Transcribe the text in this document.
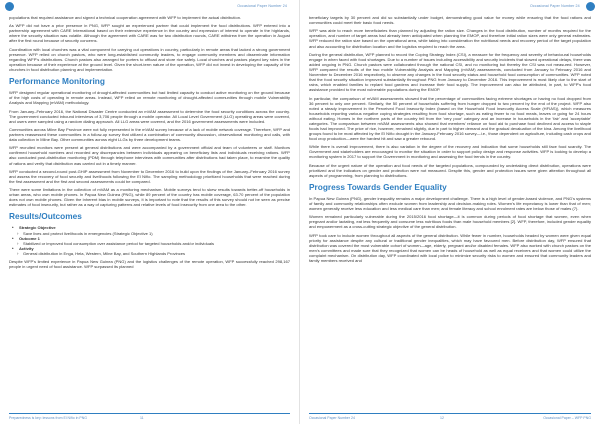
Occasional Paper Number 24

populations that required assistance and signed a technical cooperation agreement with WFP to implement the actual distribution.

As WFP did not have a prior presence in PNG, WFP sought an experienced partner that could implement the food distributions. WFP entered into a partnership agreement with CARE International based on their extensive experience in the country and expression of interest to operate in the highlands, where the security situation was volatile. Although the agreement with CARE was for two distribution rounds, CARE withdrew from the operation in August after the first round because of security concerns.

Coordination with local churches was a vital component for carrying out operations in country, particularly in remote areas that lacked a strong government presence. WFP relied on church pastors, who were long-established community leaders, to engage community members and disseminate information regarding WFP's distributions. Church pastors also arranged for porters to offload and store rice safely. Local churches and pastors played key roles in the operation because of their experience at the ground level. Given the short-term nature of the operation, WFP did not invest in developing the capacity of the churches in food distribution planning and implementation.

Performance Monitoring

WFP designed regular operational monitoring of drought-affected communities but had limited capacity to conduct active monitoring on the ground because of the high costs of operating in remote areas. Instead, WFP relied on remote monitoring of drought-affected communities through mobile Vulnerability Analysis and Mapping (mVAM) methodology.

From January–February 2016, the National Disaster Centre conducted an mVAM assessment to determine the food security conditions across the country. The government conducted inbound interviews of 3,706 people through a mobile operator. All Local Level Government (LLG) operating areas were covered, and users were sampled using a random dialing approach. All LLG areas were covered, and the 2016 government assessments were included.

Communities across Milne Bay Province were not fully represented in the mVAM survey because of a lack of mobile network coverage. Therefore, WFP and partners reassessed these communities in a follow-up survey that utilized a combination of community discussion, observational monitoring and calls, with data collection in Milne Bay. Other communities across eight LLGs by three development teams.

WFP recruited monitors were present at general distributions and were accompanied by a government official and team of volunteers or staff. Monitors confirmed household numbers and recorded any discrepancies between individuals appearing on beneficiary lists and individuals receiving rations. WFP also conducted post-distribution monitoring (PDM) through telephone interviews with communities after distributions had taken place, to examine the quality of rations and verify that distribution was carried out in a timely manner.

WFP conducted a second-round post-GHIP assessment from November to December 2016 to build upon the findings of the January–February 2016 survey and assess the recovery of food security and livelihoods following the El Niño. The sampling methodology prioritized households that were reached during the first assessment and the first and second assessments could be compared.

There were some limitations in the collection of mVAM as a monitoring mechanism. Mobile surveys tend to skew results towards better-off households in urban areas, who own mobile phones. In Papua New Guinea (PNG), while 89 percent of the country has mobile coverage, 63.70 percent of the population does not own mobile phones. Given the inherent bias in mobile surveys, it is important to note that the results of this survey should not be seen as precise estimates of food insecurity, but rather as a way of capturing patterns and relative levels of food insecurity from one area to the other.

Results/Outcomes
• Strategic Objective
› Save lives and protect livelihoods in emergencies (Strategic Objective 1)
• Outcome 1
› Stabilized or improved food consumption over assistance period for targeted households and/or individuals
• Activity
› General distribution in Enga, Hela, Western, Milne Bay, and Southern Highlands Provinces

Despite WFP's limited experience in Papua New Guinea (PNG) and the logistics challenges of the remote operation, WFP successfully reached 298,167 people in urgent need of food assistance. WFP surpassed its planned

Preparedness is key: lessons from El Niño in PNG	11
Occasional Paper Number 24

beneficiary targets by 30 percent and did so substantially under budget, demonstrating good value for money while ensuring that the food rations and communities could meet their basic food needs.

WFP was able to reach more beneficiaries than planned by adjusting the ration size. Changes in the food distribution, number of months required for the operation, and number of target areas had already been anticipated when planning the EMOP, and therefore initial ration sizes were only general estimates. WFP reduced the ration size based on the operational area, while taking into consideration the nutritional needs and recovery period of the target population and also accounting for distribution location and the logistics required to reach the area.

During the general distribution, WFP planned to record the Coping Strategy Index (CSI), a measure for the frequency and severity of behavioural households engage in when faced with food shortages. Due to a number of issues including accessibility and security incidents that slowed operational delays, there was added ongoing in PNG. Church pastors were collaborated through the national CSI, and no monitoring but thereby the CSI was not measured. However, WFP compared the results of the two mobile Vulnerability Analysis and Mapping (mVAM) assessments, conducted from January to February 2016 and November to December 2016 respectively, to observe any changes in the food security status and household food consumption of communities. WFP noted that the food security situation improved substantially throughout PNG from January to December 2016. This improvement is most likely due to the start of rains, which enabled families to replant food gardens and increase their food supply. The improvement can also be attributed, in part, to WFP's food assistance provided to the most vulnerable populations during the EMOP.

In particular, the comparison of mVAM assessments showed that the percentage of communities facing extreme shortages or having no food dropped from 36 percent to only one percent. Similarly, the 50 percent of households suffering from hunger dropped to two percent by the end of the project. WFP also noted a steady improvement in the Perceived Food Insecurity Index (based on the Household Food Insecurity Access Scale (HFIAS)), which measures households reporting various negative coping strategies resulting from food shortage, such as eating fewer to no food meals, leaves or going for 24 hours without eating. Homes in the northern parts of the country fell from the 'very poor' category and an increase in households in the 'fair' and 'acceptable' categories. The comparison between mVAM assessments also showed that members' reliance on food aid to purchase food declined and access to staple foods had improved. The price of rice, however, remained slightly, due in part to higher demand and the gradual devaluation of the kina. Among the livelihood groups found to be most affected by the El Niño drought in the January-February 2016 survey—i.e., those dependent on agriculture, including cash crops and food crop production—were the hardest hit and saw a greater rebound.

While there is overall improvement, there is also variation in the degree of the recovery and indication that some households still face food scarcity. The Government and stakeholders are encouraged to monitor the situation in order to support policy design and response activities. WFP is looking to develop a monitoring system in 2017 to support the Government in monitoring and assessing the food trends in the country.

Because of the urgent nature of the operation and food needs of the targeted populations, compounded by undertaking direct distribution, operations were prioritized and the indicators on gender and protection were not measured. Despite this, gender and protection issues were given attention throughout all aspects of programming, from planning to distributions.

Progress Towards Gender Equality

In Papua New Guinea (PNG), gender inequality remains a major development challenge. There is a high level of gender-based violence, and PNG's systems of family and community relationships often exclude women from leadership and decision-making roles. Women's life expectancy is lower than that of men; women generally receive less education and less medical care than men; and female literacy and school enrolment rates are below those of males (7).

Women remained particularly vulnerable during the 2015/2016 food shortage—it is common during periods of food shortage that women, even when pregnant and/or lactating, eat less frequently and consume less nutritious foods than male household members [2]. WFP, therefore, included gender equality and empowerment as a cross-cutting strategic objective of the general distribution.

WFP took care to include women throughout all aspects of the general distribution. While fewer in number, households headed by women were given equal priority for assistance despite any cultural or traditional gender inequalities, which may have favoured men. Before distribution day, WFP ensured that distribution was covered the most vulnerable cohort of women—age, elderly, pregnant and/or disabled females. WFP also worked with church pastors on the men's committees and made sure that they recognized that women can be heads of household as well as equal receivers and that women could utilize the complaint mechanism. On distribution day, WFP coordinated with local police to minimize security risks to women and ensured that community leaders and family members received and

Occasional Paper Number 24	12	Occasional Paper – WFP PNG
